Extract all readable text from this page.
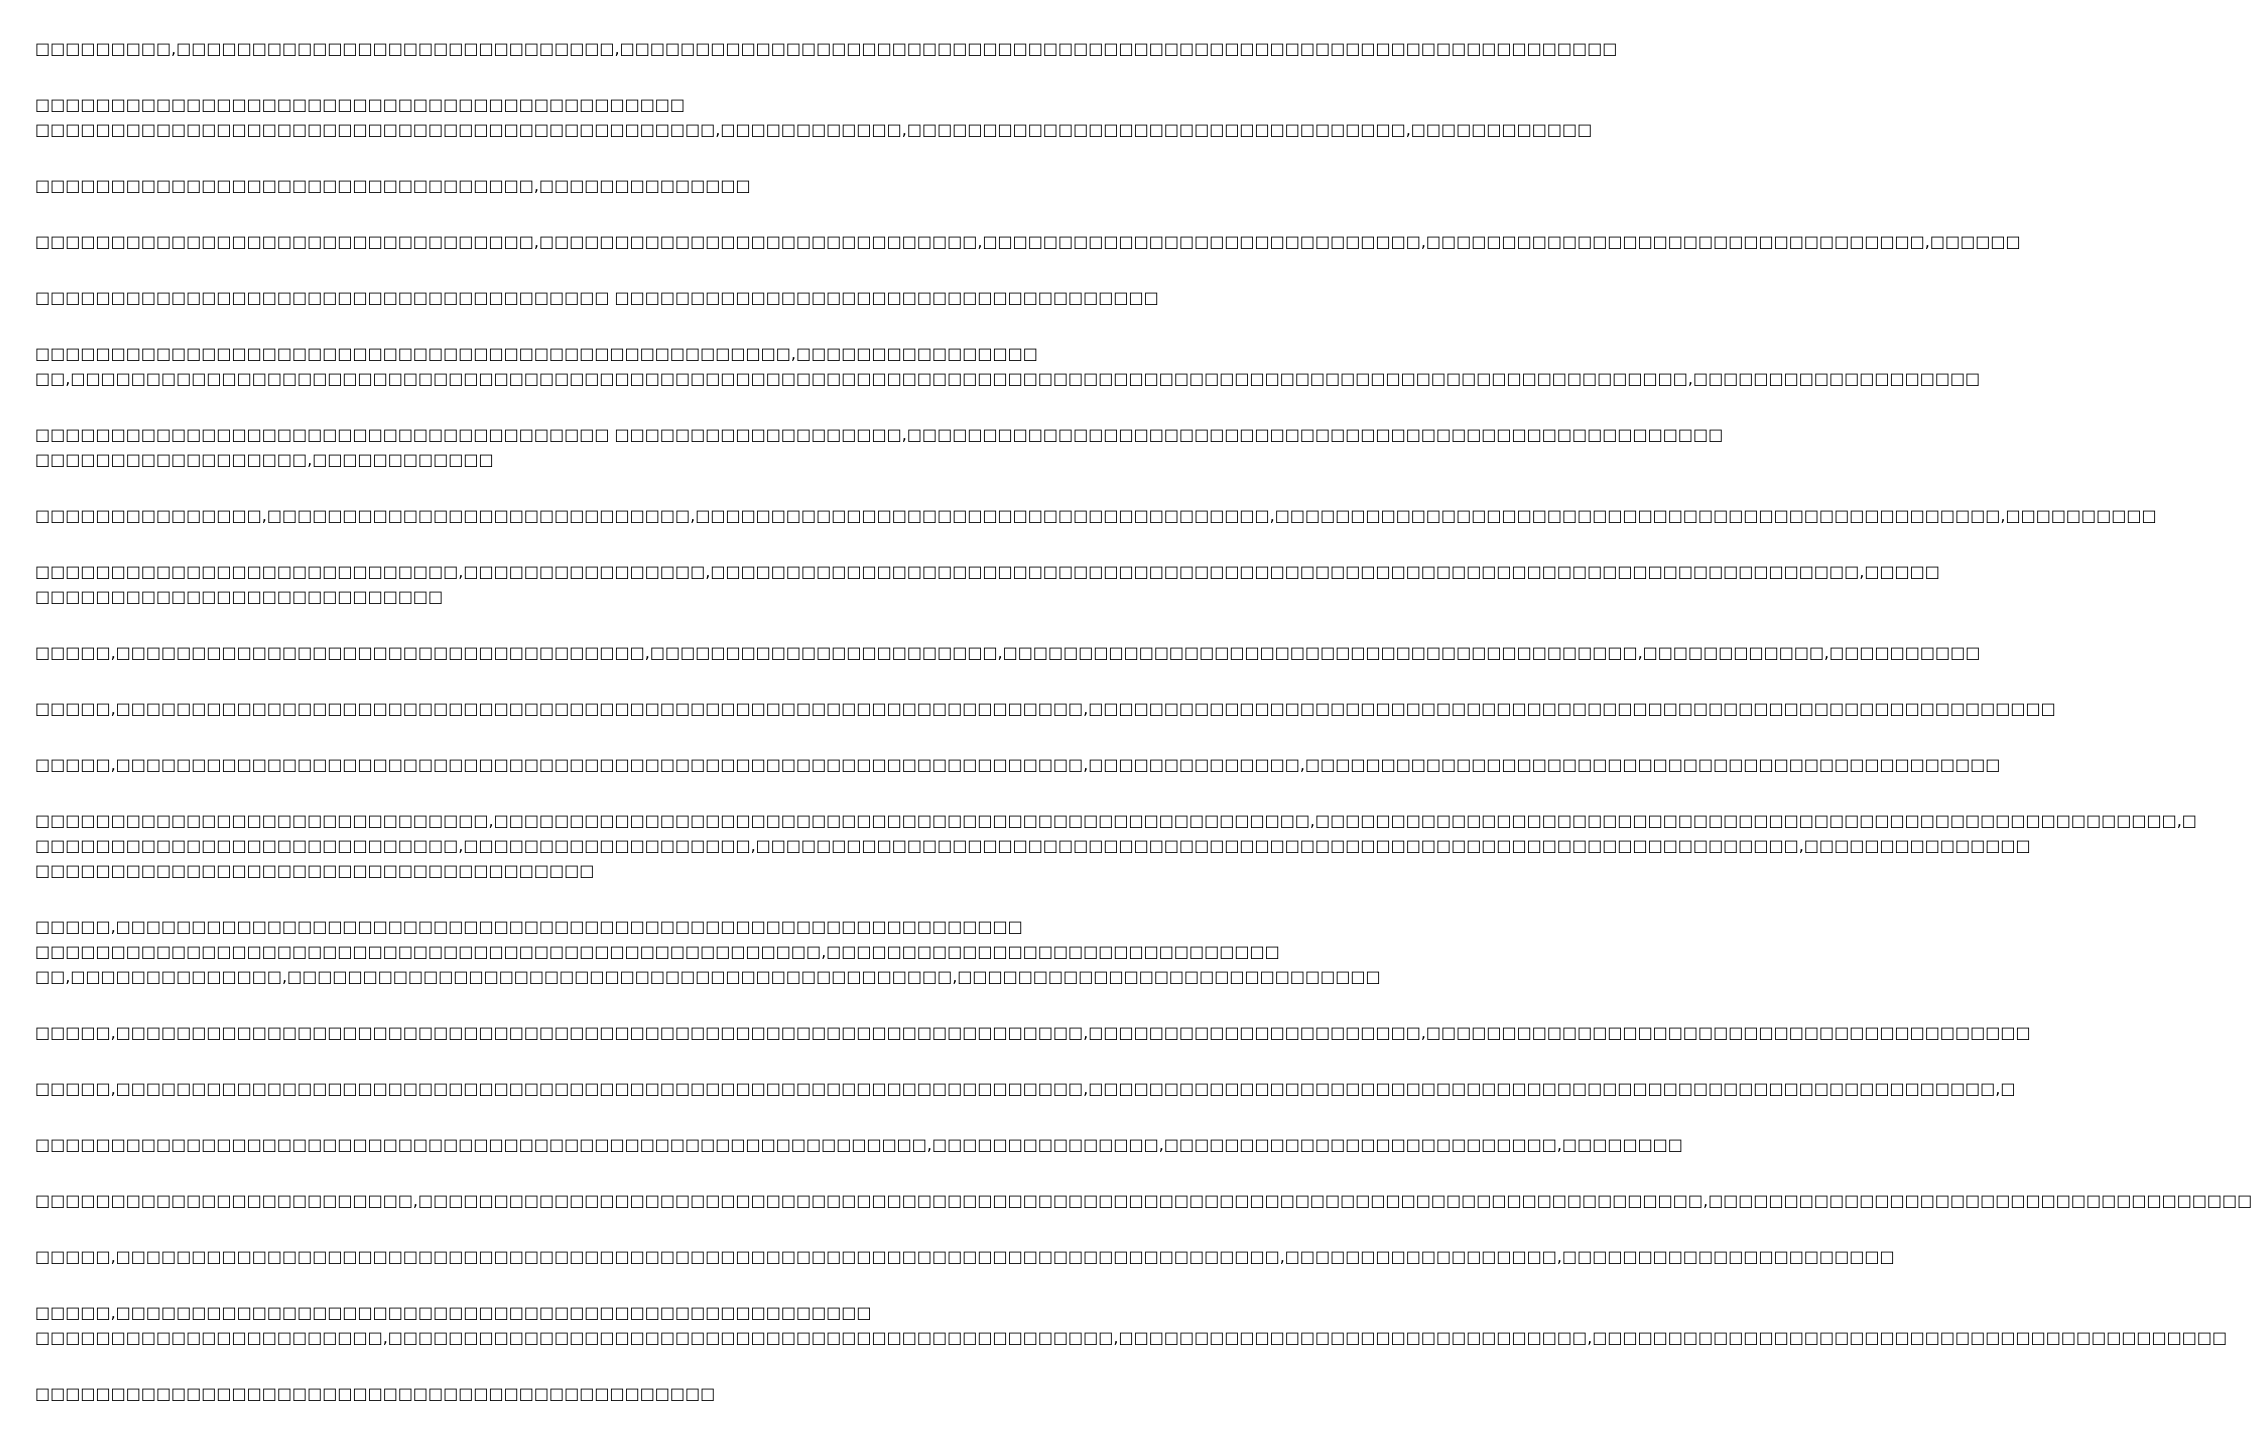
□□□□□□□□□,□□□□□□□□□□□□□□□□□□□□□□□□□□□□□,□□□□□□□□□□□□□□□□□□□□□□□□□□□□□□□□□□□□□□□□□□□□□□□□□□□□□□□□□□□□□□□□□□

□□□□□□□□□□□□□□□□□□□□□□□□□□□□□□□□□□□□□□□□□□□
□□□□□□□□□□□□□□□□□□□□□□□□□□□□□□□□□□□□□□□□□□□□□,□□□□□□□□□□□□,□□□□□□□□□□□□□□□□□□□□□□□□□□□□□□□□□,□□□□□□□□□□□□

□□□□□□□□□□□□□□□□□□□□□□□□□□□□□□□□□,□□□□□□□□□□□□□□

□□□□□□□□□□□□□□□□□□□□□□□□□□□□□□□□□,□□□□□□□□□□□□□□□□□□□□□□□□□□□□□,□□□□□□□□□□□□□□□□□□□□□□□□□□□□□,□□□□□□□□□□□□□□□□□□□□□□□□□□□□□□□□□,□□□□□□

□□□□□□□□□□□□□□□□□□□□□□□□□□□□□□□□□□□□□□ □□□□□□□□□□□□□□□□□□□□□□□□□□□□□□□□□□□□

□□□□□□□□□□□□□□□□□□□□□□□□□□□□□□□□□□□□□□□□□□□□□□□□□□,□□□□□□□□□□□□□□□□
□□,□□□□□□□□□□□□□□□□□□□□□□□□□□□□□□□□□□□□□□□□□□□□□□□□□□□□□□□□□□□□□□□□□□□□□□□□□□□□□□□□□□□□□□□□□□□□□□□□□□□□□□□□□□□,□□□□□□□□□□□□□□□□□□□

□□□□□□□□□□□□□□□□□□□□□□□□□□□□□□□□□□□□□□ □□□□□□□□□□□□□□□□□□□,□□□□□□□□□□□□□□□□□□□□□□□□□□□□□□□□□□□□□□□□□□□□□□□□□□□□□□
□□□□□□□□□□□□□□□□□□,□□□□□□□□□□□□

□□□□□□□□□□□□□□□,□□□□□□□□□□□□□□□□□□□□□□□□□□□□,□□□□□□□□□□□□□□□□□□□□□□□□□□□□□□□□□□□□□□,□□□□□□□□□□□□□□□□□□□□□□□□□□□□□□□□□□□□□□□□□□□□□□□□,□□□□□□□□□□

□□□□□□□□□□□□□□□□□□□□□□□□□□□□,□□□□□□□□□□□□□□□□,□□□□□□□□□□□□□□□□□□□□□□□□□□□□□□□□□□□□□□□□□□□□□□□□□□□□□□□□□□□□□□□□□□□□□□□□□□□□,□□□□□
□□□□□□□□□□□□□□□□□□□□□□□□□□□

□□□□□,□□□□□□□□□□□□□□□□□□□□□□□□□□□□□□□□□□□,□□□□□□□□□□□□□□□□□□□□□□□,□□□□□□□□□□□□□□□□□□□□□□□□□□□□□□□□□□□□□□□□□□,□□□□□□□□□□□□,□□□□□□□□□□

□□□□□,□□□□□□□□□□□□□□□□□□□□□□□□□□□□□□□□□□□□□□□□□□□□□□□□□□□□□□□□□□□□□□□□,□□□□□□□□□□□□□□□□□□□□□□□□□□□□□□□□□□□□□□□□□□□□□□□□□□□□□□□□□□□□□□□□

□□□□□,□□□□□□□□□□□□□□□□□□□□□□□□□□□□□□□□□□□□□□□□□□□□□□□□□□□□□□□□□□□□□□□□,□□□□□□□□□□□□□□,□□□□□□□□□□□□□□□□□□□□□□□□□□□□□□□□□□□□□□□□□□□□□□

□□□□□□□□□□□□□□□□□□□□□□□□□□□□□□,□□□□□□□□□□□□□□□□□□□□□□□□□□□□□□□□□□□□□□□□□□□□□□□□□□□□□□,□□□□□□□□□□□□□□□□□□□□□□□□□□□□□□□□□□□□□□□□□□□□□□□□□□□□□□□□□,□
□□□□□□□□□□□□□□□□□□□□□□□□□□□□,□□□□□□□□□□□□□□□□□□□,□□□□□□□□□□□□□□□□□□□□□□□□□□□□□□□□□□□□□□□□□□□□□□□□□□□□□□□□□□□□□□□□□□□□□,□□□□□□□□□□□□□□□
□□□□□□□□□□□□□□□□□□□□□□□□□□□□□□□□□□□□□

□□□□□,□□□□□□□□□□□□□□□□□□□□□□□□□□□□□□□□□□□□□□□□□□□□□□□□□□□□□□□□□□□□
□□□□□□□□□□□□□□□□□□□□□□□□□□□□□□□□□□□□□□□□□□□□□□□□□□□□,□□□□□□□□□□□□□□□□□□□□□□□□□□□□□□
□□,□□□□□□□□□□□□□□,□□□□□□□□□□□□□□□□□□□□□□□□□□□□□□□□□□□□□□□□□□□□,□□□□□□□□□□□□□□□□□□□□□□□□□□□□

□□□□□,□□□□□□□□□□□□□□□□□□□□□□□□□□□□□□□□□□□□□□□□□□□□□□□□□□□□□□□□□□□□□□□□,□□□□□□□□□□□□□□□□□□□□□□,□□□□□□□□□□□□□□□□□□□□□□□□□□□□□□□□□□□□□□□□

□□□□□,□□□□□□□□□□□□□□□□□□□□□□□□□□□□□□□□□□□□□□□□□□□□□□□□□□□□□□□□□□□□□□□□,□□□□□□□□□□□□□□□□□□□□□□□□□□□□□□□□□□□□□□□□□□□□□□□□□□□□□□□□□□□□,□

□□□□□□□□□□□□□□□□□□□□□□□□□□□□□□□□□□□□□□□□□□□□□□□□□□□□□□□□□□□,□□□□□□□□□□□□□□□,□□□□□□□□□□□□□□□□□□□□□□□□□□,□□□□□□□□

□□□□□□□□□□□□□□□□□□□□□□□□□,□□□□□□□□□□□□□□□□□□□□□□□□□□□□□□□□□□□□□□□□□□□□□□□□□□□□□□□□□□□□□□□□□□□□□□□□□□□□□□□□□□□□□,□□□□□□□□□□□□□□□□□□□□□□□□□□□□□□□□□□□□

□□□□□,□□□□□□□□□□□□□□□□□□□□□□□□□□□□□□□□□□□□□□□□□□□□□□□□□□□□□□□□□□□□□□□□□□□□□□□□□□□□□,□□□□□□□□□□□□□□□□□□,□□□□□□□□□□□□□□□□□□□□□□

□□□□□,□□□□□□□□□□□□□□□□□□□□□□□□□□□□□□□□□□□□□□□□□□□□□□□□□□
□□□□□□□□□□□□□□□□□□□□□□□,□□□□□□□□□□□□□□□□□□□□□□□□□□□□□□□□□□□□□□□□□□□□□□□□,□□□□□□□□□□□□□□□□□□□□□□□□□□□□□□□,□□□□□□□□□□□□□□□□□□□□□□□□□□□□□□□□□□□□□□□□□□

□□□□□□□□□□□□□□□□□□□□□□□□□□□□□□□□□□□□□□□□□□□□□
